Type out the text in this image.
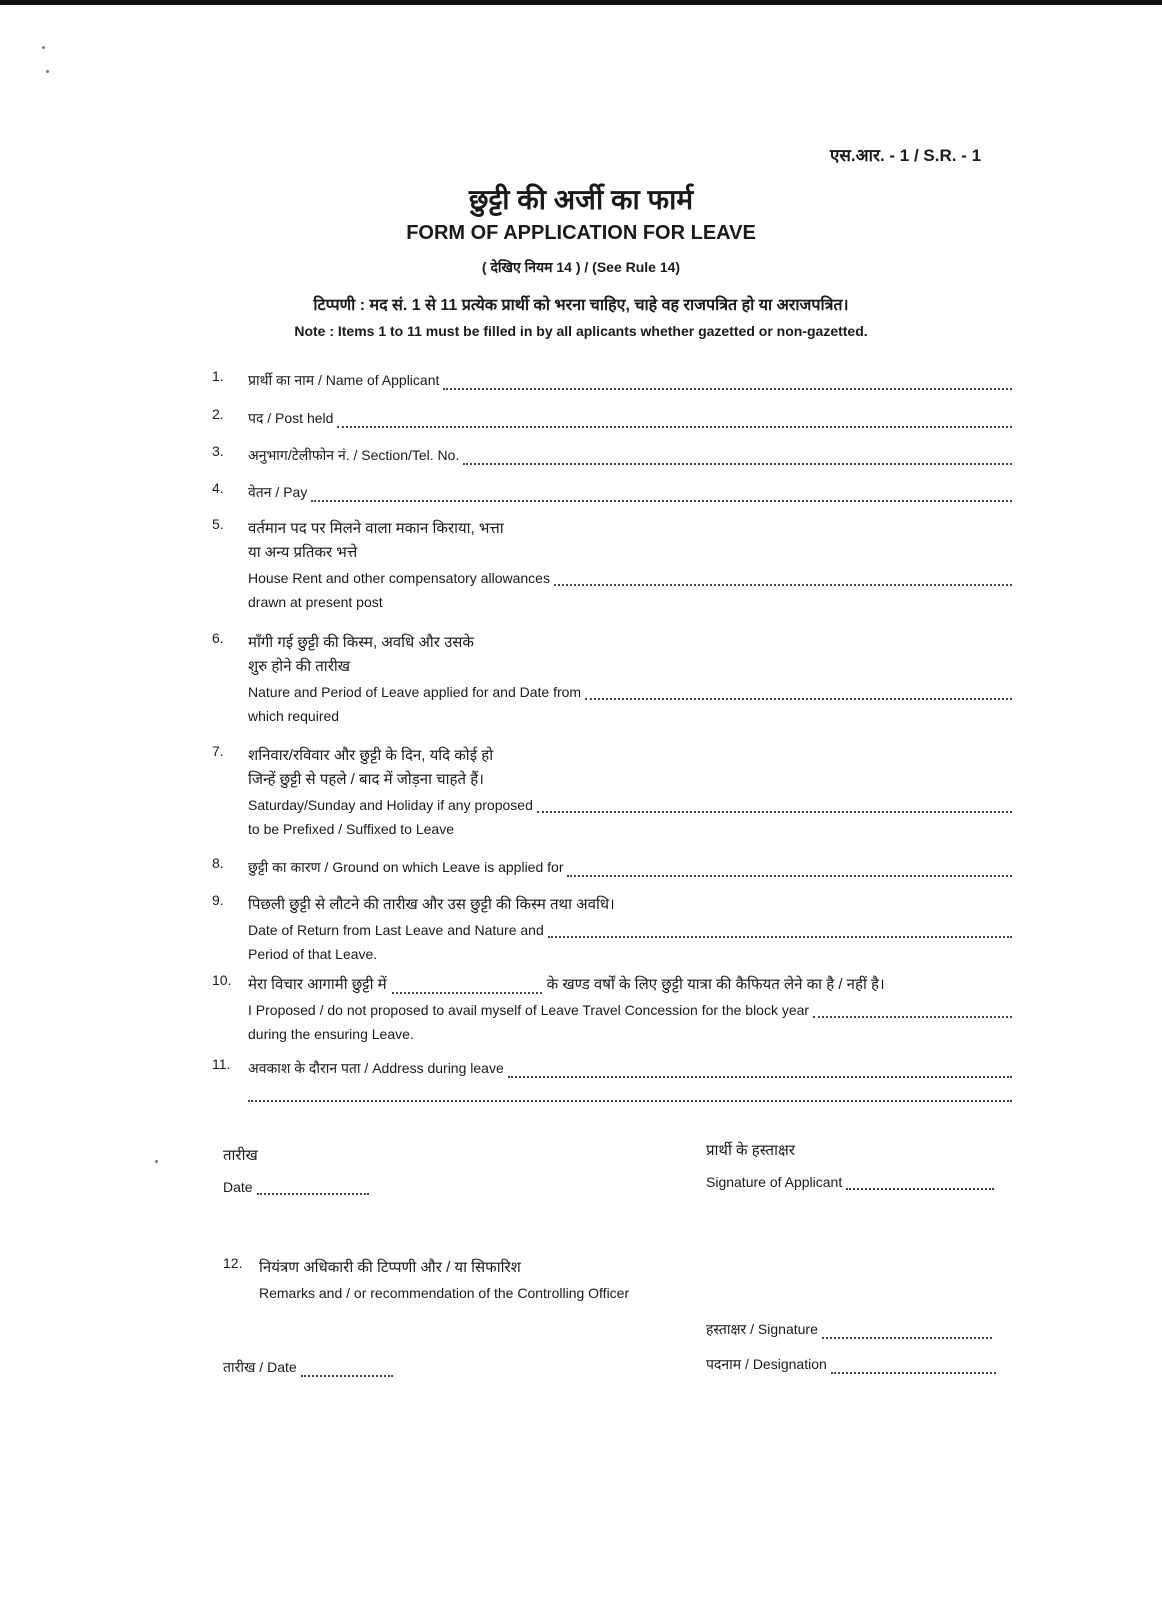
एस.आर. - 1 / S.R. - 1
छुट्टी की अर्जी का फार्म
FORM OF APPLICATION FOR LEAVE
( देखिए नियम 14 ) / (See Rule 14)
टिप्पणी : मद सं. 1 से 11 प्रत्येक प्रार्थी को भरना चाहिए, चाहे वह राजपत्रित हो या अराजपत्रित।
Note : Items 1 to 11 must be filled in by all aplicants whether gazetted or non-gazetted.
1. प्रार्थी का नाम / Name of Applicant
2. पद / Post held
3. अनुभाग/टेलीफोन नं. / Section/Tel. No.
4. वेतन / Pay
5. वर्तमान पद पर मिलने वाला मकान किराया, भत्ता
या अन्य प्रतिकर भत्ते
House Rent and other compensatory allowances
drawn at present post
6. माँगी गई छुट्टी की किस्म, अवधि और उसके
शुरु होने की तारीख
Nature and Period of Leave applied for and Date from
which required
7. शनिवार/रविवार और छुट्टी के दिन, यदि कोई हो
जिन्हें छुट्टी से पहले / बाद में जोड़ना चाहते हैं।
Saturday/Sunday and Holiday if any proposed
to be Prefixed / Suffixed to Leave
8. छुट्टी का कारण / Ground on which Leave is applied for
9. पिछली छुट्टी से लौटने की तारीख और उस छुट्टी की किस्म तथा अवधि।
Date of Return from Last Leave and Nature and
Period of that Leave.
10. मेरा विचार आगामी छुट्टी में	के खण्ड वर्षों के लिए छुट्टी यात्रा की कैफियत लेने का है / नहीं है।
I Proposed / do not proposed to avail myself of Leave Travel Concession for the block year
during the ensuring Leave.
11. अवकाश के दौरान पता / Address during leave
तारीख
Date
प्रार्थी के हस्ताक्षर
Signature of Applicant
12. नियंत्रण अधिकारी की टिप्पणी और / या सिफारिश
Remarks and / or recommendation of the Controlling Officer
हस्ताक्षर / Signature
पदनाम / Designation
तारीख / Date
